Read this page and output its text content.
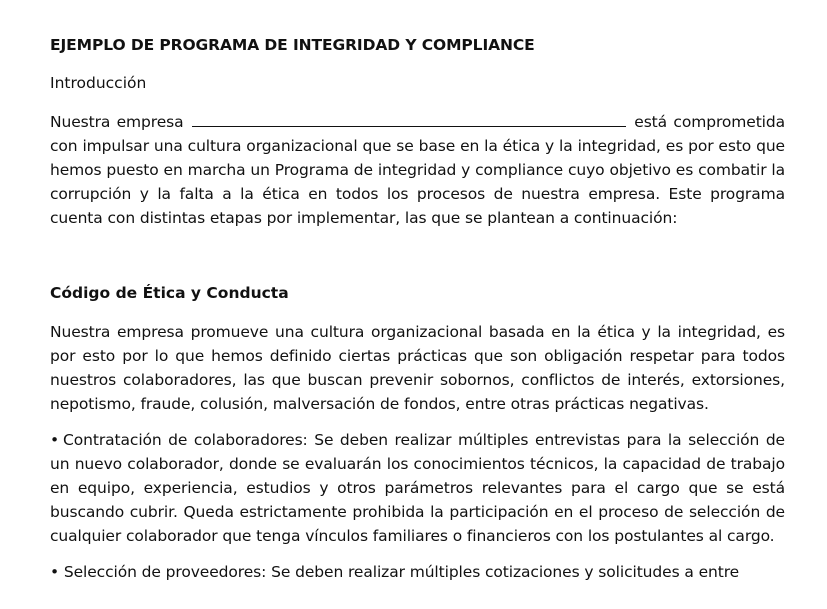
EJEMPLO DE PROGRAMA DE INTEGRIDAD Y COMPLIANCE

Introducción

Nuestra empresa	está comprometida con impulsar una cultura organizacional que se base en la ética y la integridad, es por esto que hemos puesto en marcha un Programa de integridad y compliance cuyo objetivo es combatir la corrupción y la falta a la ética en todos los procesos de nuestra empresa. Este programa cuenta con distintas etapas por implementar, las que se plantean a continuación:

Código de Ética y Conducta

Nuestra empresa promueve una cultura organizacional basada en la ética y la integridad, es por esto por lo que hemos definido ciertas prácticas que son obligación respetar para todos nuestros colaboradores, las que buscan prevenir sobornos, conflictos de interés, extorsiones, nepotismo, fraude, colusión, malversación de fondos, entre otras prácticas negativas.

• Contratación de colaboradores: Se deben realizar múltiples entrevistas para la selección de un nuevo colaborador, donde se evaluarán los conocimientos técnicos, la capacidad de trabajo en equipo, experiencia, estudios y otros parámetros relevantes para el cargo que se está buscando cubrir. Queda estrictamente prohibida la participación en el proceso de selección de cualquier colaborador que tenga vínculos familiares o financieros con los postulantes al cargo.

• Selección de proveedores: Se deben realizar múltiples cotizaciones y solicitudes a entre
